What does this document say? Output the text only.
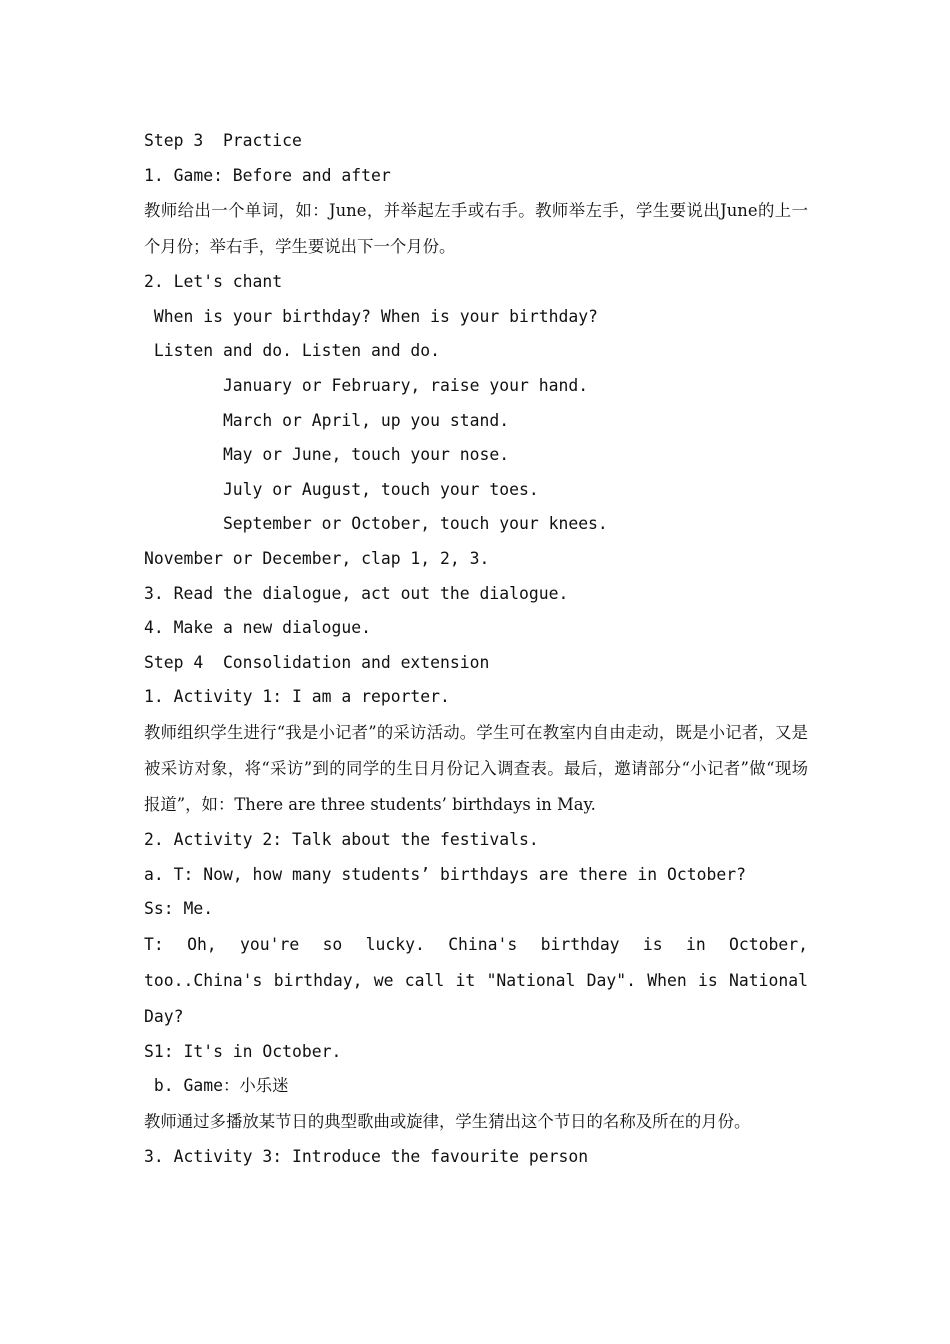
Step 3  Practice
1. Game: Before and after
教师给出一个单词，如：June，并举起左手或右手。教师举左手，学生要说出June的上一个月份；举右手，学生要说出下一个月份。
2. Let's chant
When is your birthday? When is your birthday?
Listen and do. Listen and do.
January or February, raise your hand.
March or April, up you stand.
May or June, touch your nose.
July or August, touch your toes.
September or October, touch your knees.
November or December, clap 1, 2, 3.
3. Read the dialogue, act out the dialogue.
4. Make a new dialogue.
Step 4  Consolidation and extension
1. Activity 1: I am a reporter.
教师组织学生进行“我是小记者”的采访活动。学生可在教室内自由走动，既是小记者，又是被采访对象，将“采访”到的同学的生日月份记入调查表。最后，邀请部分“小记者”做“现场报道”，如：There are three students’ birthdays in May.
2. Activity 2: Talk about the festivals.
a. T: Now, how many students’ birthdays are there in October?
Ss: Me.
T: Oh, you're so lucky. China's birthday is in October, too..China's birthday, we call it "National Day". When is National Day?
S1: It's in October.
b. Game：小乐迷
教师通过多播放某节日的典型歌曲或旋律，学生猜出这个节日的名称及所在的月份。
3. Activity 3: Introduce the favourite person
